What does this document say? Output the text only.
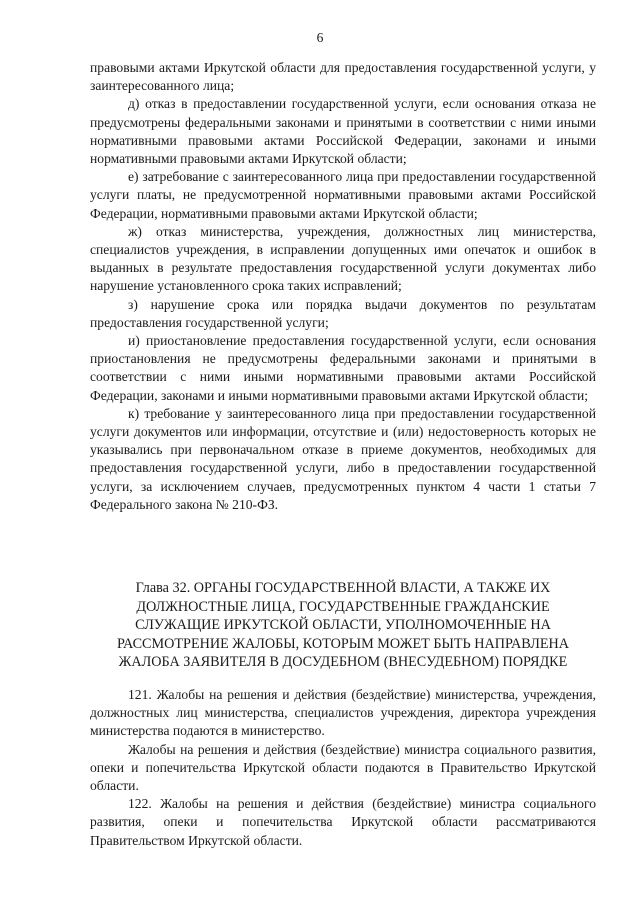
6

правовыми актами Иркутской области для предоставления государственной услуги, у заинтересованного лица;

д) отказ в предоставлении государственной услуги, если основания отказа не предусмотрены федеральными законами и принятыми в соответствии с ними иными нормативными правовыми актами Российской Федерации, законами и иными нормативными правовыми актами Иркутской области;

е) затребование с заинтересованного лица при предоставлении государственной услуги платы, не предусмотренной нормативными правовыми актами Российской Федерации, нормативными правовыми актами Иркутской области;

ж) отказ министерства, учреждения, должностных лиц министерства, специалистов учреждения, в исправлении допущенных ими опечаток и ошибок в выданных в результате предоставления государственной услуги документах либо нарушение установленного срока таких исправлений;

з) нарушение срока или порядка выдачи документов по результатам предоставления государственной услуги;

и) приостановление предоставления государственной услуги, если основания приостановления не предусмотрены федеральными законами и принятыми в соответствии с ними иными нормативными правовыми актами Российской Федерации, законами и иными нормативными правовыми актами Иркутской области;

к) требование у заинтересованного лица при предоставлении государственной услуги документов или информации, отсутствие и (или) недостоверность которых не указывались при первоначальном отказе в приеме документов, необходимых для предоставления государственной услуги, либо в предоставлении государственной услуги, за исключением случаев, предусмотренных пунктом 4 части 1 статьи 7 Федерального закона № 210-ФЗ.

Глава 32. ОРГАНЫ ГОСУДАРСТВЕННОЙ ВЛАСТИ, А ТАКЖЕ ИХ ДОЛЖНОСТНЫЕ ЛИЦА, ГОСУДАРСТВЕННЫЕ ГРАЖДАНСКИЕ СЛУЖАЩИЕ ИРКУТСКОЙ ОБЛАСТИ, УПОЛНОМОЧЕННЫЕ НА РАССМОТРЕНИЕ ЖАЛОБЫ, КОТОРЫМ МОЖЕТ БЫТЬ НАПРАВЛЕНА ЖАЛОБА ЗАЯВИТЕЛЯ В ДОСУДЕБНОМ (ВНЕСУДЕБНОМ) ПОРЯДКЕ

121. Жалобы на решения и действия (бездействие) министерства, учреждения, должностных лиц министерства, специалистов учреждения, директора учреждения министерства подаются в министерство.

Жалобы на решения и действия (бездействие) министра социального развития, опеки и попечительства Иркутской области подаются в Правительство Иркутской области.

122. Жалобы на решения и действия (бездействие) министра социального развития, опеки и попечительства Иркутской области рассматриваются Правительством Иркутской области.
